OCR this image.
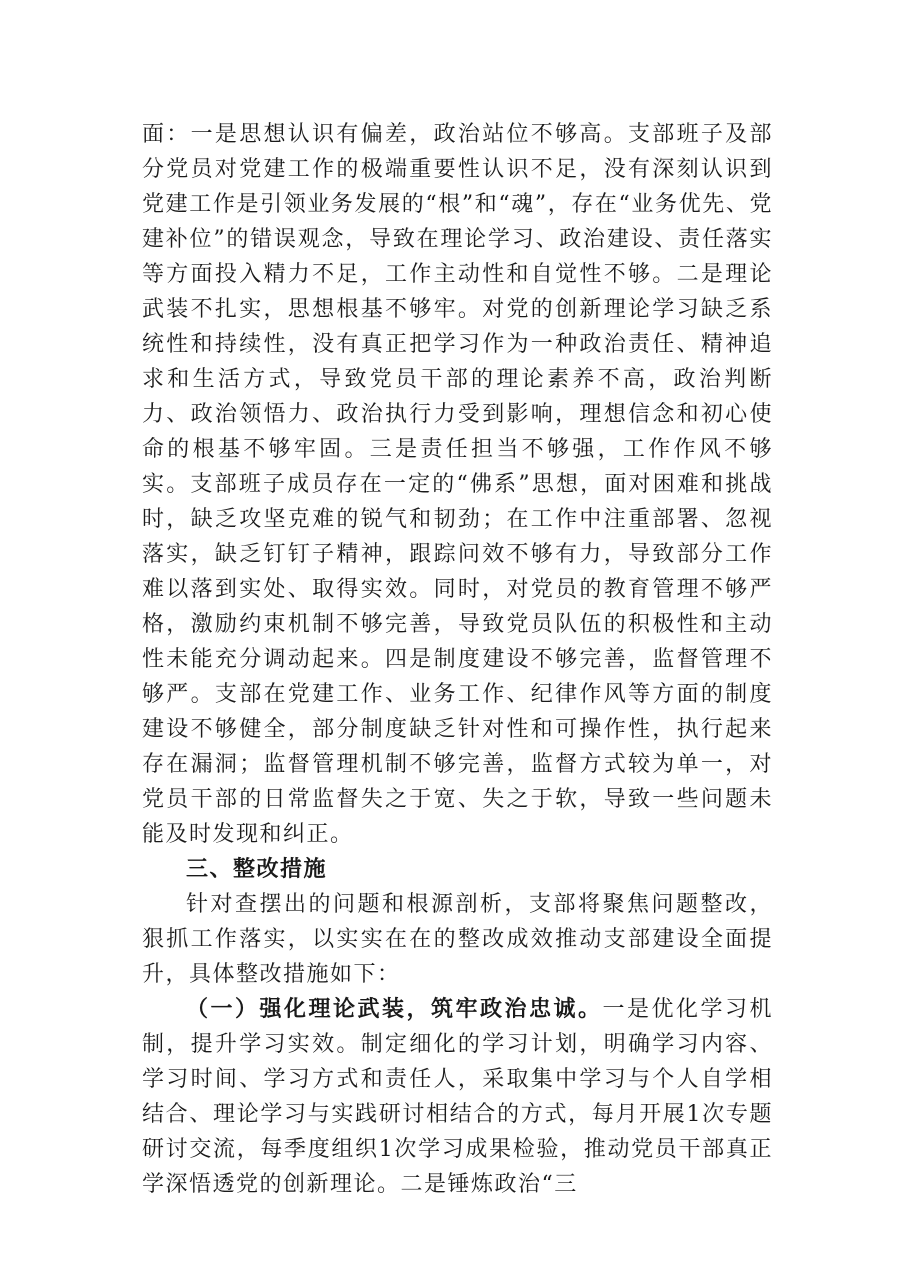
面：一是思想认识有偏差，政治站位不够高。支部班子及部分党员对党建工作的极端重要性认识不足，没有深刻认识到党建工作是引领业务发展的“根”和“魂”，存在“业务优先、党建补位”的错误观念，导致在理论学习、政治建设、责任落实等方面投入精力不足，工作主动性和自觉性不够。二是理论武装不扎实，思想根基不够牢。对党的创新理论学习缺乏系统性和持续性，没有真正把学习作为一种政治责任、精神追求和生活方式，导致党员干部的理论素养不高，政治判断力、政治领悟力、政治执行力受到影响，理想信念和初心使命的根基不够牢固。三是责任担当不够强，工作作风不够实。支部班子成员存在一定的“佛系”思想，面对困难和挑战时，缺乏攻坚克难的锐气和韧劲；在工作中注重部署、忽视落实，缺乏钉钉子精神，跟踪问效不够有力，导致部分工作难以落到实处、取得实效。同时，对党员的教育管理不够严格，激励约束机制不够完善，导致党员队伍的积极性和主动性未能充分调动起来。四是制度建设不够完善，监督管理不够严。支部在党建工作、业务工作、纪律作风等方面的制度建设不够健全，部分制度缺乏针对性和可操作性，执行起来存在漏洞；监督管理机制不够完善，监督方式较为单一，对党员干部的日常监督失之于宽、失之于软，导致一些问题未能及时发现和纠正。

三、整改措施

针对查摆出的问题和根源剖析，支部将聚焦问题整改，狠抓工作落实，以实实在在的整改成效推动支部建设全面提升，具体整改措施如下：

（一）强化理论武装，筑牢政治忠诚。一是优化学习机制，提升学习实效。制定细化的学习计划，明确学习内容、学习时间、学习方式和责任人，采取集中学习与个人自学相结合、理论学习与实践研讨相结合的方式，每月开展1次专题研讨交流，每季度组织1次学习成果检验，推动党员干部真正学深悟透党的创新理论。二是锤炼政治“三
